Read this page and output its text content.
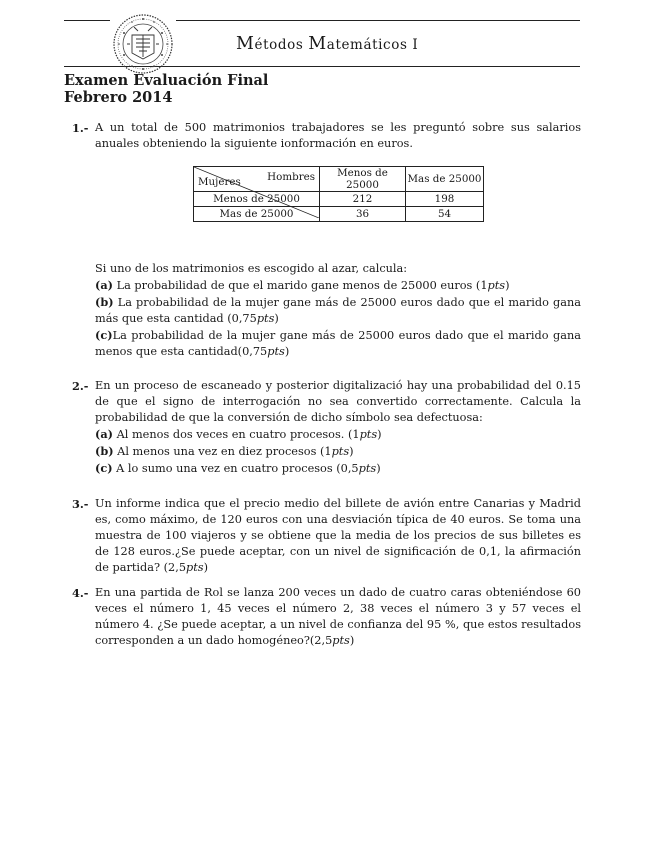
Métodos Matemáticos I
Examen Evaluación Final
Febrero 2014
1.- A un total de 500 matrimonios trabajadores se les preguntó sobre sus salarios anuales obteniendo la siguiente ionformación en euros.
Hombres
Mujeres	Menos de 25000	Mas de 25000
Menos de 25000	212	198
Mas de 25000	36	54
Si uno de los matrimonios es escogido al azar, calcula:
(a) La probabilidad de que el marido gane menos de 25000 euros (1pts)
(b) La probabilidad de la mujer gane más de 25000 euros dado que el marido gana más que esta cantidad (0,75pts)
(c)La probabilidad de la mujer gane más de 25000 euros dado que el marido gana menos que esta cantidad(0,75pts)
2.- En un proceso de escaneado y posterior digitalizació hay una probabilidad del 0.15 de que el signo de interrogación no sea convertido correctamente. Calcula la probabilidad de que la conversión de dicho símbolo sea defectuosa:
(a) Al menos dos veces en cuatro procesos. (1pts)
(b) Al menos una vez en diez procesos (1pts)
(c) A lo sumo una vez en cuatro procesos (0,5pts)
3.- Un informe indica que el precio medio del billete de avión entre Canarias y Madrid es, como máximo, de 120 euros con una desviación típica de 40 euros. Se toma una muestra de 100 viajeros y se obtiene que la media de los precios de sus billetes es de 128 euros.¿Se puede aceptar, con un nivel de significación de 0,1, la afirmación de partida? (2,5pts)
4.- En una partida de Rol se lanza 200 veces un dado de cuatro caras obteniéndose 60 veces el número 1, 45 veces el número 2, 38 veces el número 3 y 57 veces el número 4. ¿Se puede aceptar, a un nivel de confianza del 95 %, que estos resultados corresponden a un dado homogéneo?(2,5pts)
